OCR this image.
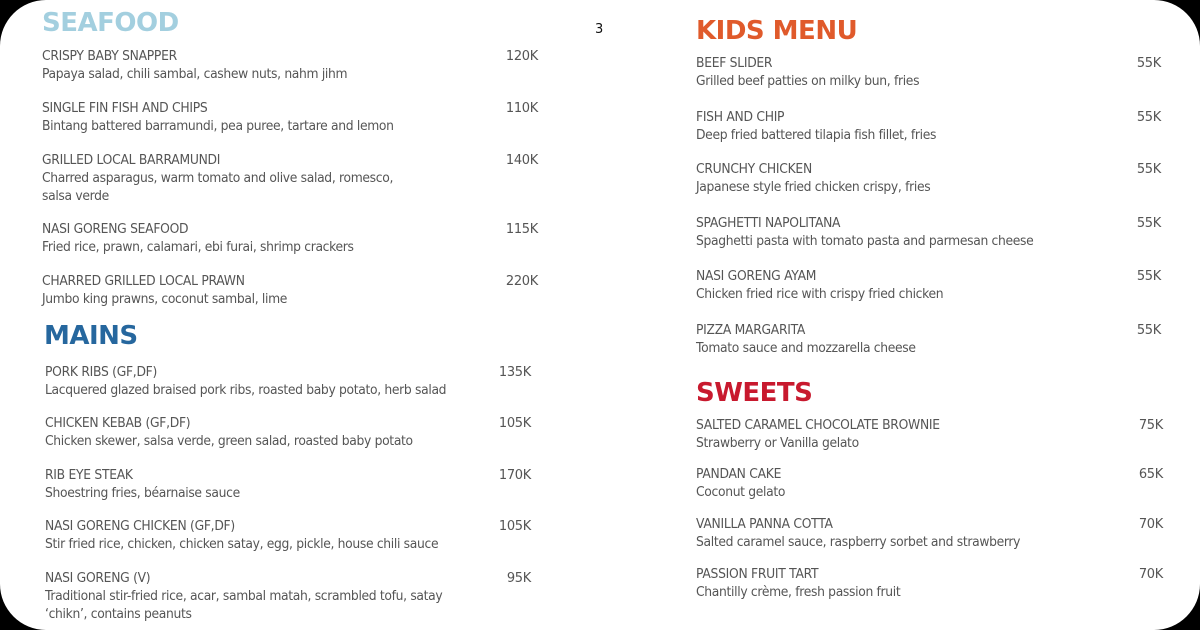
3
SEAFOOD
CRISPY BABY SNAPPER
Papaya salad, chili sambal, cashew nuts, nahm jihm
120K
SINGLE FIN FISH AND CHIPS
Bintang battered barramundi, pea puree, tartare and lemon
110K
GRILLED LOCAL BARRAMUNDI
Charred asparagus, warm tomato and olive salad, romesco,
salsa verde
140K
NASI GORENG SEAFOOD
Fried rice, prawn, calamari, ebi furai, shrimp crackers
115K
CHARRED GRILLED LOCAL PRAWN
Jumbo king prawns, coconut sambal, lime
220K
MAINS
PORK RIBS (GF,DF)
Lacquered glazed braised pork ribs, roasted baby potato, herb salad
135K
CHICKEN KEBAB (GF,DF)
Chicken skewer, salsa verde, green salad, roasted baby potato
105K
RIB EYE STEAK
Shoestring fries, béarnaise sauce
170K
NASI GORENG CHICKEN (GF,DF)
Stir fried rice, chicken, chicken satay, egg, pickle, house chili sauce
105K
NASI GORENG (V)
Traditional stir-fried rice, acar, sambal matah, scrambled tofu, satay
‘chikn’, contains peanuts
95K
KIDS MENU
BEEF SLIDER
Grilled beef patties on milky bun, fries
55K
FISH AND CHIP
Deep fried battered tilapia fish fillet, fries
55K
CRUNCHY CHICKEN
Japanese style fried chicken crispy, fries
55K
SPAGHETTI NAPOLITANA
Spaghetti pasta with tomato pasta and parmesan cheese
55K
NASI GORENG AYAM
Chicken fried rice with crispy fried chicken
55K
PIZZA MARGARITA
Tomato sauce and mozzarella cheese
55K
SWEETS
SALTED CARAMEL CHOCOLATE BROWNIE
Strawberry or Vanilla gelato
75K
PANDAN CAKE
Coconut gelato
65K
VANILLA PANNA COTTA
Salted caramel sauce, raspberry sorbet and strawberry
70K
PASSION FRUIT TART
Chantilly crème, fresh passion fruit
70K
